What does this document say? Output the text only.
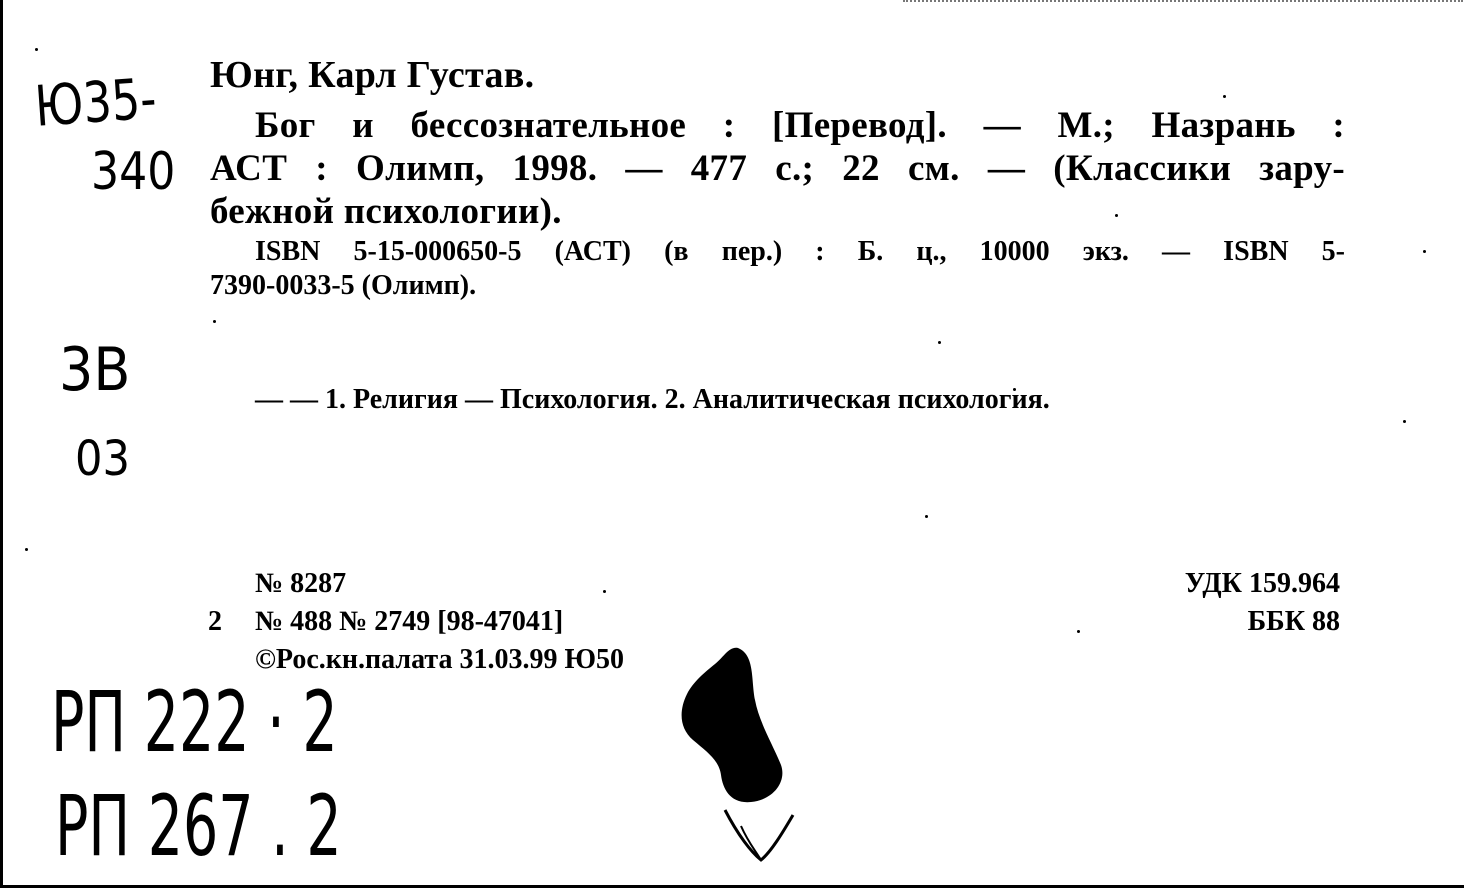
Ю35-
340
3В
03
РП 222 · 2
РП 267 . 2
Юнг, Карл Густав.
Бог и бессознательное : [Перевод]. — М.; Назрань :
АСТ : Олимп, 1998. — 477 с.; 22 см. — (Классики зару-
бежной психологии).
ISBN 5-15-000650-5 (АСТ) (в пер.) : Б. ц., 10000 экз. — ISBN 5-
7390-0033-5 (Олимп).
— — 1. Религия — Психология. 2. Аналитическая психология.
№ 8287
2 № 488 № 2749 [98-47041]
©Рос.кн.палата 31.03.99 Ю50
УДК 159.964
ББК 88
